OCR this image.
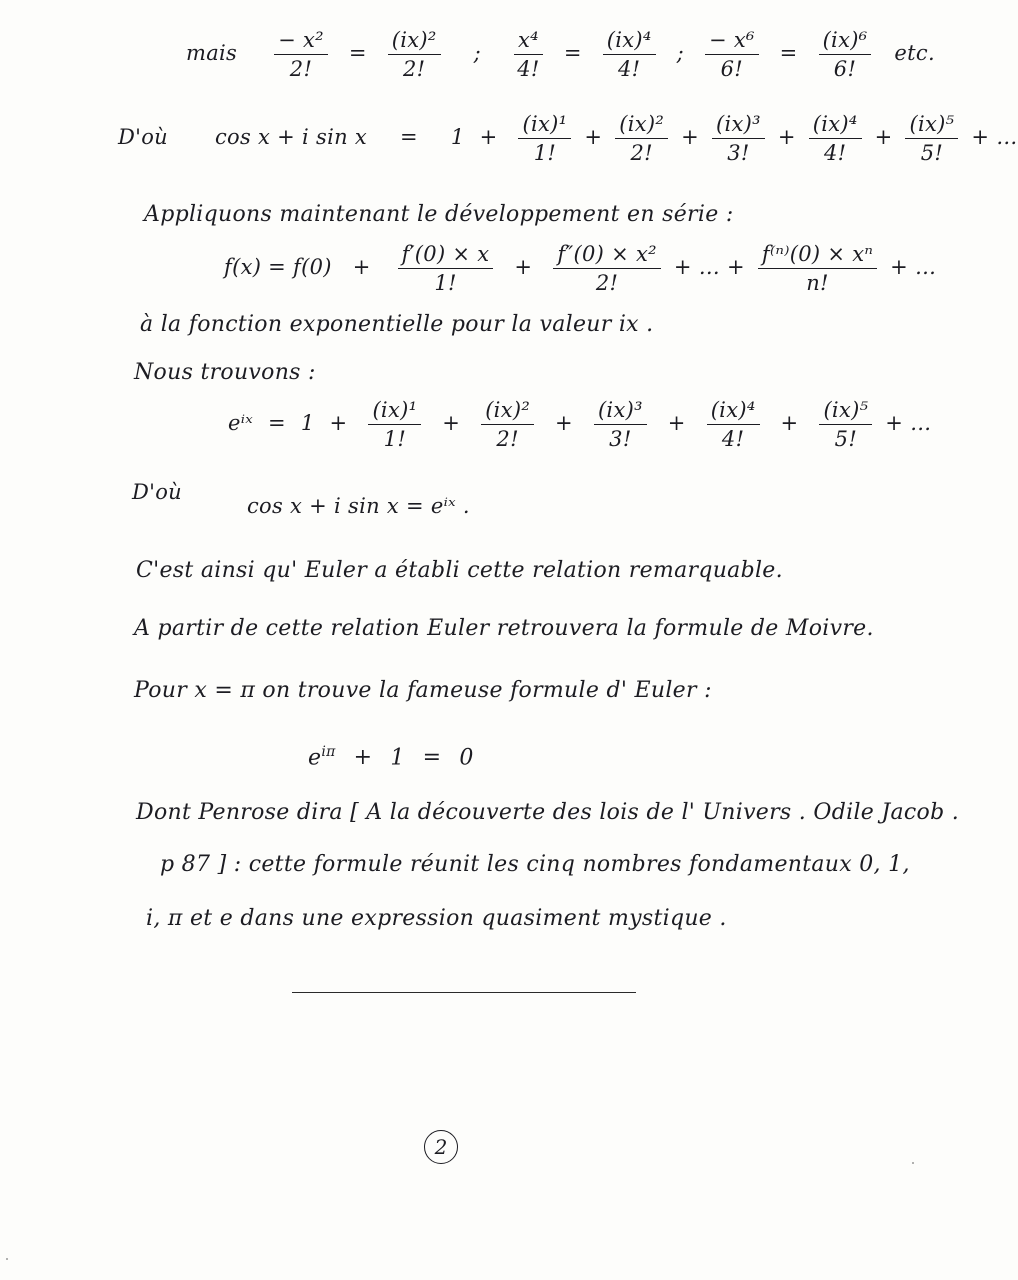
mais $\frac{\text{− x²}}{2!} = \frac{\text{(ix)²}}{2!}$ ; $\frac{\text{x⁴}}{4!} = \frac{\text{(ix)⁴}}{4!}$ ; $\frac{\text{− x⁶}}{6!} = \frac{\text{(ix)⁶}}{6!}$ etc.
D'où cos x + i $\sin x = 1 + \frac{\text{(ix)¹}}{1!} + \frac{\text{(ix)²}}{2!} + \frac{\text{(ix)³}}{3!} + \frac{\text{(ix)⁴}}{4!} + \frac{\text{(ix)⁵}}{5!}$ + …
Appliquons maintenant le développement en série :
$f(x) = f(0) + \frac{f'(0) \times x}{1!} + \frac{\text{f″(0) × x²}}{2!}$ + … + $\frac{\text{f⁽ⁿ⁾(0) × xⁿ}}{n!}$ + …
à la fonction exponentielle pour la valeur ix .
Nous trouvons :
eⁱˣ = $1 + \frac{\text{(ix)¹}}{1!} + \frac{\text{(ix)²}}{2!} + \frac{\text{(ix)³}}{3!} + \frac{\text{(ix)⁴}}{4!} + \frac{\text{(ix)⁵}}{5!}$ + …
D'où cos x + i sin x = eⁱˣ .
C'est ainsi qu' Euler a établi cette relation remarquable.
A partir de cette relation Euler retrouvera la formule de Moivre.
Pour x = π on trouve la fameuse formule d' Euler :
$e^{i\pi} + 1 = 0$
Dont Penrose dira [ A la découverte des lois de l' Univers . Odile Jacob .
p 87 ] : cette formule réunit les cinq nombres fondamentaux 0, 1,
i, π et e dans une expression quasiment mystique .
2
